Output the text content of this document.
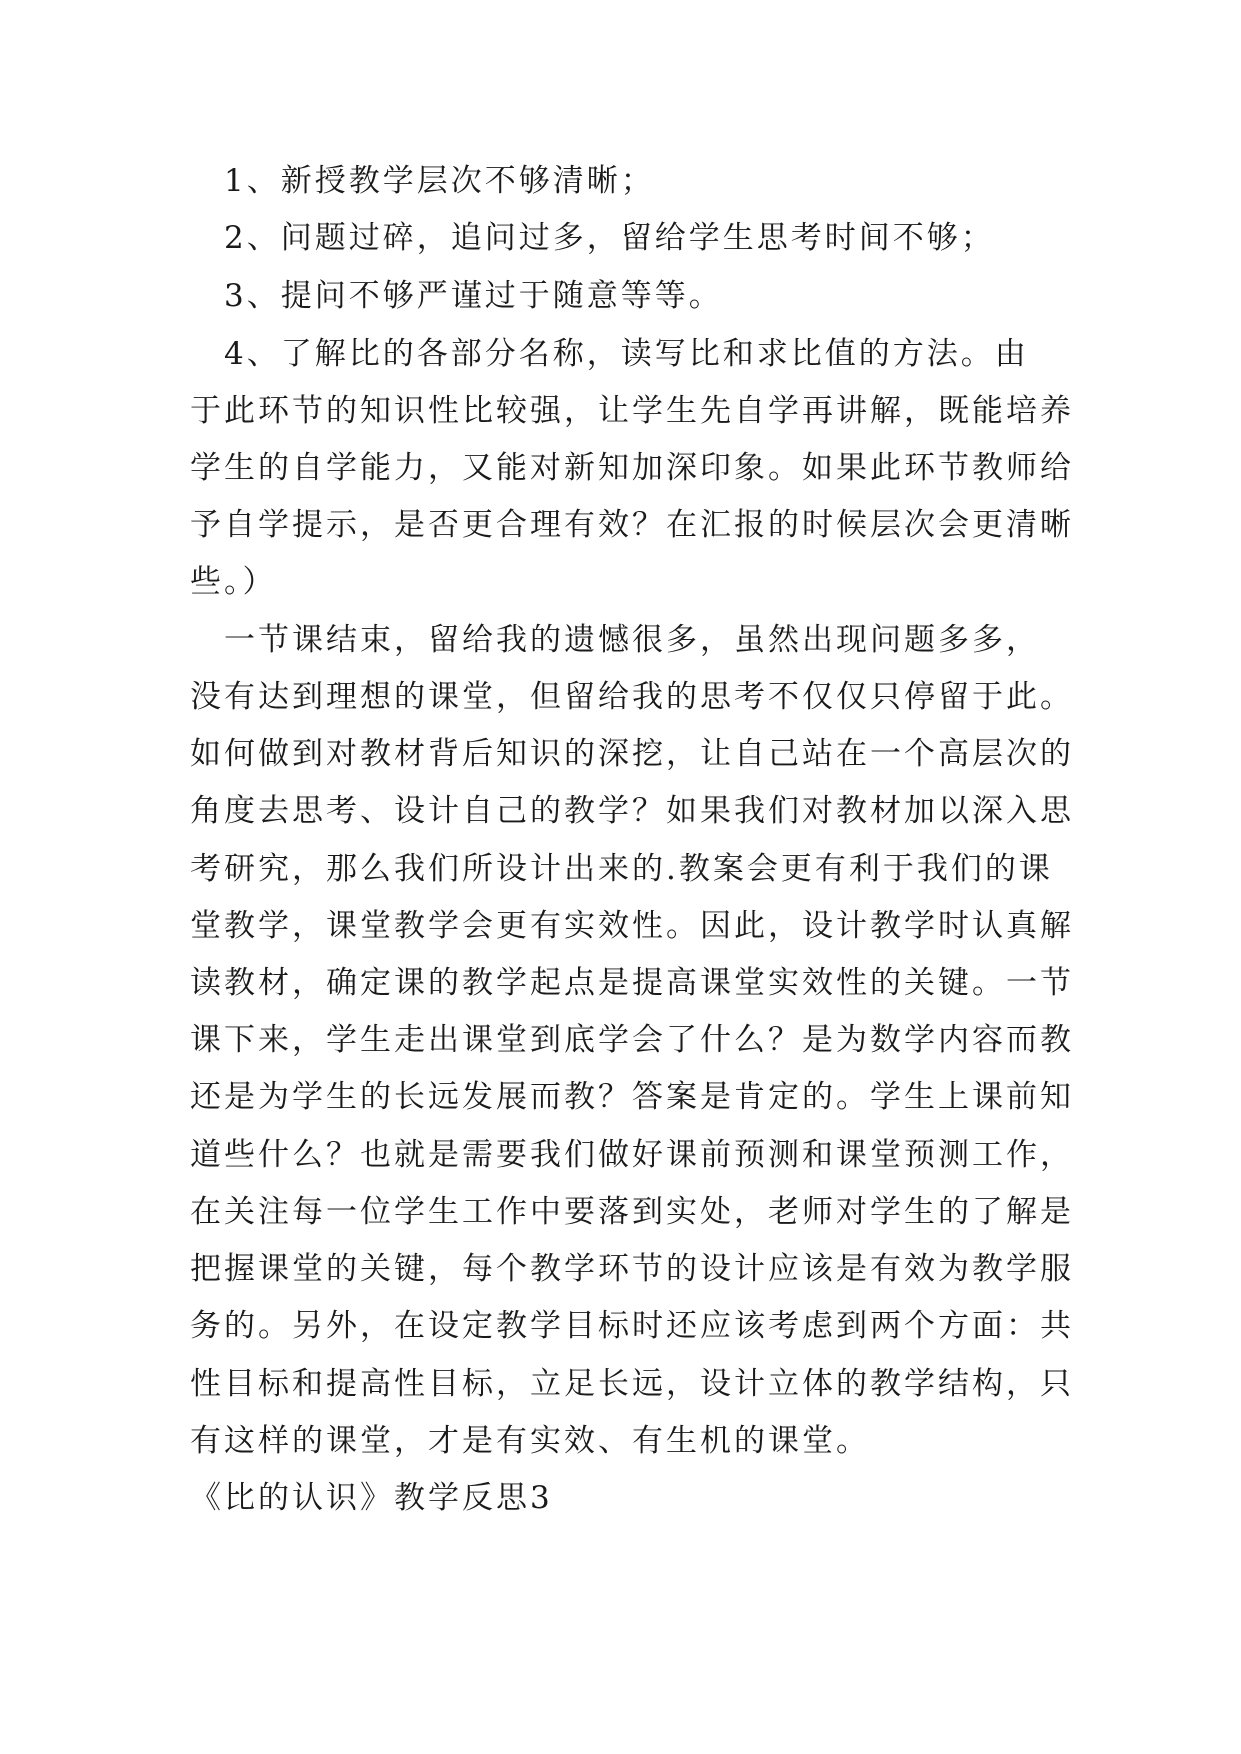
　1、新授教学层次不够清晰；
　2、问题过碎，追问过多，留给学生思考时间不够；
　3、提问不够严谨过于随意等等。
　4、了解比的各部分名称，读写比和求比值的方法。由
于此环节的知识性比较强，让学生先自学再讲解，既能培养
学生的自学能力，又能对新知加深印象。如果此环节教师给
予自学提示，是否更合理有效？在汇报的时候层次会更清晰
些。）
　一节课结束，留给我的遗憾很多，虽然出现问题多多，
没有达到理想的课堂，但留给我的思考不仅仅只停留于此。
如何做到对教材背后知识的深挖，让自己站在一个高层次的
角度去思考、设计自己的教学？如果我们对教材加以深入思
考研究，那么我们所设计出来的.教案会更有利于我们的课
堂教学，课堂教学会更有实效性。因此，设计教学时认真解
读教材，确定课的教学起点是提高课堂实效性的关键。一节
课下来，学生走出课堂到底学会了什么？是为数学内容而教
还是为学生的长远发展而教？答案是肯定的。学生上课前知
道些什么？也就是需要我们做好课前预测和课堂预测工作，
在关注每一位学生工作中要落到实处，老师对学生的了解是
把握课堂的关键，每个教学环节的设计应该是有效为教学服
务的。另外，在设定教学目标时还应该考虑到两个方面：共
性目标和提高性目标，立足长远，设计立体的教学结构，只
有这样的课堂，才是有实效、有生机的课堂。
《比的认识》教学反思3
